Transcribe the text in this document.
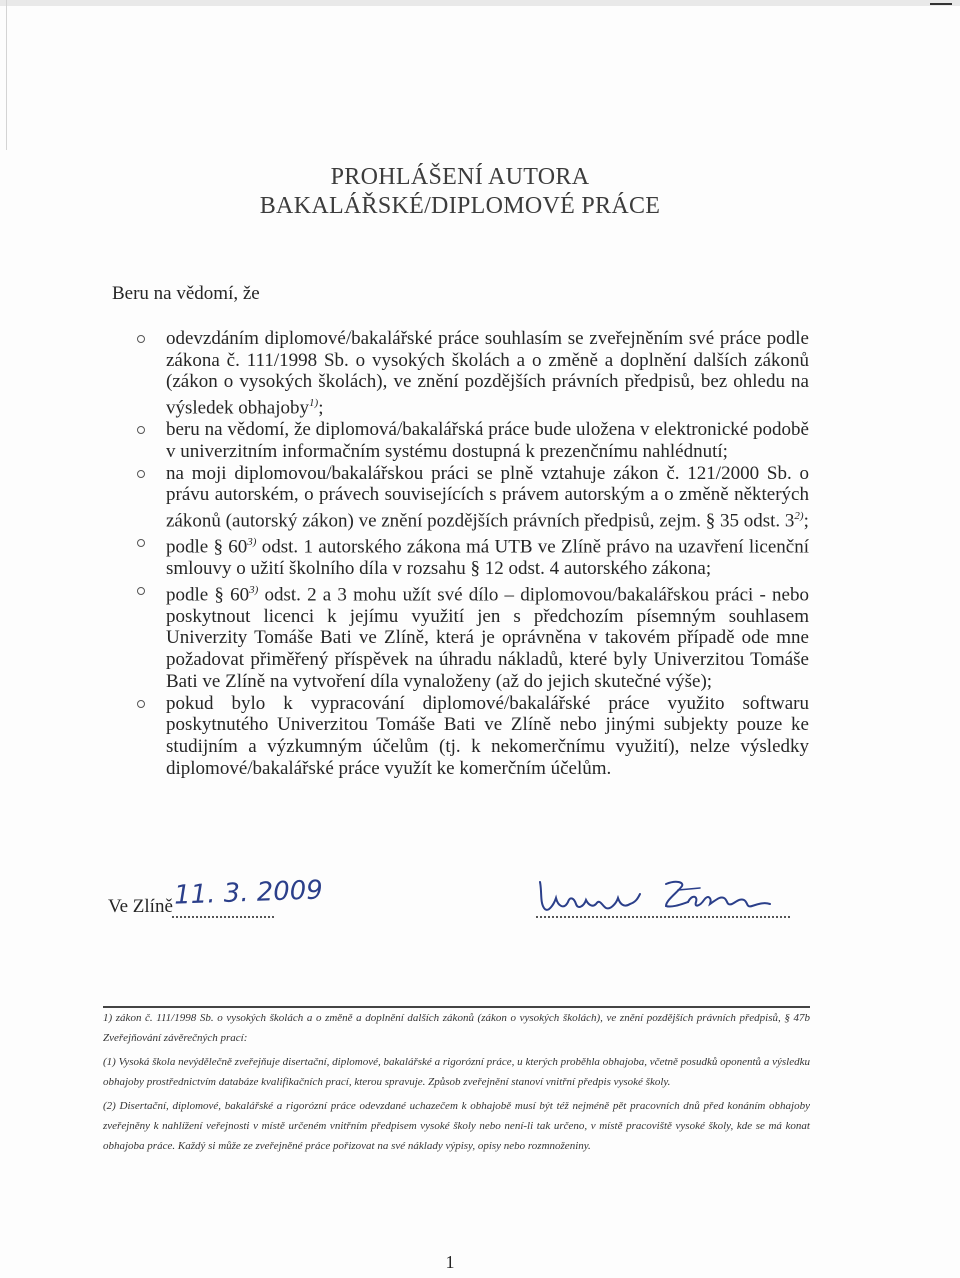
PROHLÁŠENÍ AUTORA
BAKALÁŘSKÉ/DIPLOMOVÉ PRÁCE
Beru na vědomí, že
odevzdáním diplomové/bakalářské práce souhlasím se zveřejněním své práce podle zákona č. 111/1998 Sb. o vysokých školách a o změně a doplnění dalších zákonů (zákon o vysokých školách), ve znění pozdějších právních předpisů, bez ohledu na výsledek obhajoby$^{1)}$;
beru na vědomí, že diplomová/bakalářská práce bude uložena v elektronické podobě v univerzitním informačním systému dostupná k prezenčnímu nahlédnutí;
na moji diplomovou/bakalářskou práci se plně vztahuje zákon č. 121/2000 Sb. o právu autorském, o právech souvisejících s právem autorským a o změně některých zákonů (autorský zákon) ve znění pozdějších právních předpisů, zejm. § 35 odst. 3$^{2)}$;
podle § 60$^{3)}$ odst. 1 autorského zákona má UTB ve Zlíně právo na uzavření licenční smlouvy o užití školního díla v rozsahu § 12 odst. 4 autorského zákona;
podle § 60$^{3)}$ odst. 2 a 3 mohu užít své dílo – diplomovou/bakalářskou práci - nebo poskytnout licenci k jejímu využití jen s předchozím písemným souhlasem Univerzity Tomáše Bati ve Zlíně, která je oprávněna v takovém případě ode mne požadovat přiměřený příspěvek na úhradu nákladů, které byly Univerzitou Tomáše Bati ve Zlíně na vytvoření díla vynaloženy (až do jejich skutečné výše);
pokud bylo k vypracování diplomové/bakalářské práce využito softwaru poskytnutého Univerzitou Tomáše Bati ve Zlíně nebo jinými subjekty pouze ke studijním a výzkumným účelům (tj. k nekomerčnímu využití), nelze výsledky diplomové/bakalářské práce využít ke komerčním účelům.
Ve Zlíně 11. 3. 2009

1) zákon č. 111/1998 Sb. o vysokých školách a o změně a doplnění dalších zákonů (zákon o vysokých školách), ve znění pozdějších právních předpisů, § 47b Zveřejňování závěrečných prací:

(1) Vysoká škola nevýdělečně zveřejňuje disertační, diplomové, bakalářské a rigorózní práce, u kterých proběhla obhajoba, včetně posudků oponentů a výsledku obhajoby prostřednictvím databáze kvalifikačních prací, kterou spravuje. Způsob zveřejnění stanoví vnitřní předpis vysoké školy.

(2) Disertační, diplomové, bakalářské a rigorózní práce odevzdané uchazečem k obhajobě musí být též nejméně pět pracovních dnů před konáním obhajoby zveřejněny k nahlížení veřejnosti v místě určeném vnitřním předpisem vysoké školy nebo není-li tak určeno, v místě pracoviště vysoké školy, kde se má konat obhajoba práce. Každý si může ze zveřejněné práce pořizovat na své náklady výpisy, opisy nebo rozmnoženiny.

1
